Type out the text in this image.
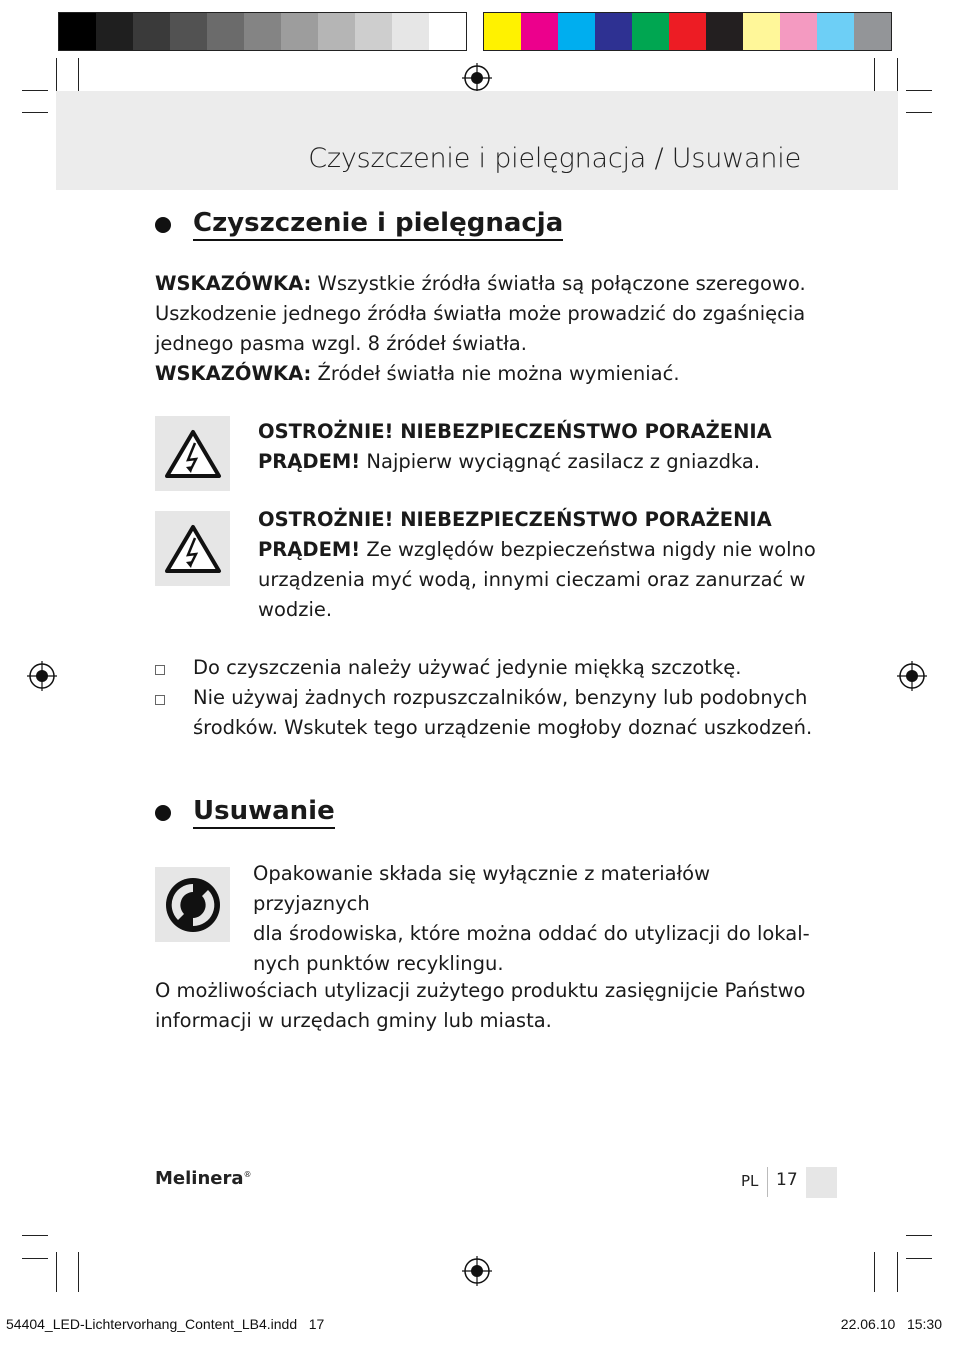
Czyszczenie i pielęgnacja / Usuwanie
Czyszczenie i pielęgnacja
WSKAZÓWKA: Wszystkie źródła światła są połączone szeregowo.
Uszkodzenie jednego źródła światła może prowadzić do zgaśnięcia
jednego pasma wzgl. 8 źródeł światła.
WSKAZÓWKA: Źródeł światła nie można wymieniać.
OSTROŻNIE! NIEBEZPIECZEŃSTWO PORAŻENIA
PRĄDEM! Najpierw wyciągnąć zasilacz z gniazdka.
OSTROŻNIE! NIEBEZPIECZEŃSTWO PORAŻENIA
PRĄDEM! Ze względów bezpieczeństwa nigdy nie wolno
urządzenia myć wodą, innymi cieczami oraz zanurzać w
wodzie.
Do czyszczenia należy używać jedynie miękką szczotkę.
Nie używaj żadnych rozpuszczalników, benzyny lub podobnych
środków. Wskutek tego urządzenie mogłoby doznać uszkodzeń.
Usuwanie
Opakowanie składa się wyłącznie z materiałów przyjaznych
dla środowiska, które można oddać do utylizacji do lokal-
nych punktów recyklingu.
O możliwościach utylizacji zużytego produktu zasięgnijcie Państwo
informacji w urzędach gminy lub miasta.
Melinera®	PL 17
54404_LED-Lichtervorhang_Content_LB4.indd   17	22.06.10   15:30
